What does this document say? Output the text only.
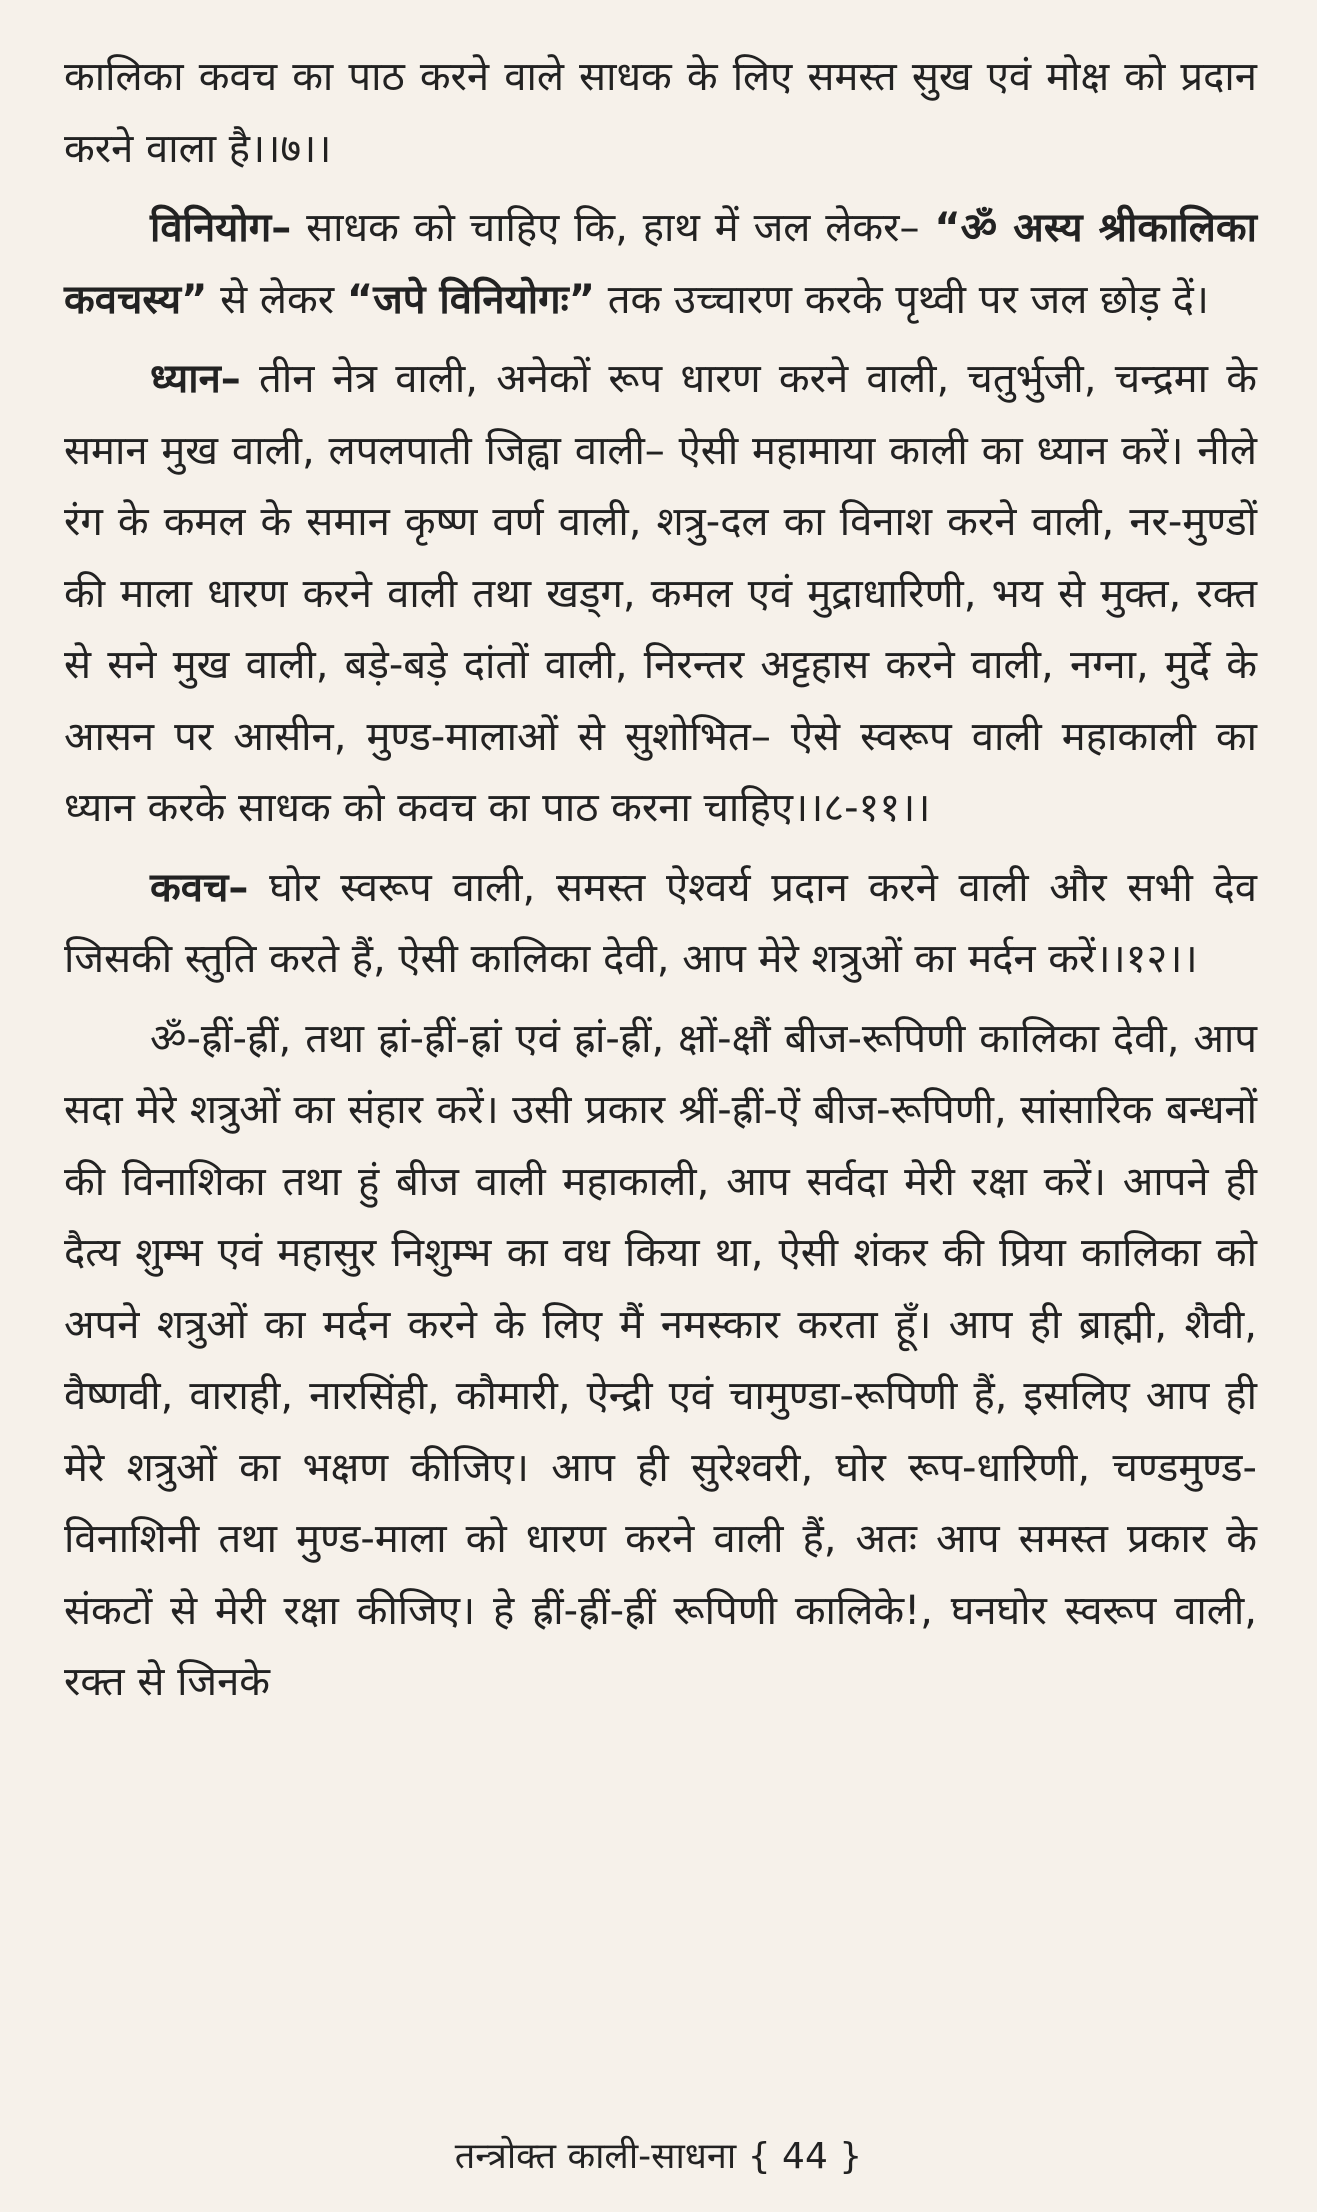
कालिका कवच का पाठ करने वाले साधक के लिए समस्त सुख एवं मोक्ष को प्रदान करने वाला है।।७।।

विनियोग– साधक को चाहिए कि, हाथ में जल लेकर– “ॐ अस्य श्रीकालिका कवचस्य” से लेकर “जपे विनियोगः” तक उच्चारण करके पृथ्वी पर जल छोड़ दें।

ध्यान– तीन नेत्र वाली, अनेकों रूप धारण करने वाली, चतुर्भुजी, चन्द्रमा के समान मुख वाली, लपलपाती जिह्वा वाली– ऐसी महामाया काली का ध्यान करें। नीले रंग के कमल के समान कृष्ण वर्ण वाली, शत्रु-दल का विनाश करने वाली, नर-मुण्डों की माला धारण करने वाली तथा खड्ग, कमल एवं मुद्राधारिणी, भय से मुक्त, रक्त से सने मुख वाली, बड़े-बड़े दांतों वाली, निरन्तर अट्टहास करने वाली, नग्ना, मुर्दे के आसन पर आसीन, मुण्ड-मालाओं से सुशोभित– ऐसे स्वरूप वाली महाकाली का ध्यान करके साधक को कवच का पाठ करना चाहिए।।८-११।।

कवच– घोर स्वरूप वाली, समस्त ऐश्वर्य प्रदान करने वाली और सभी देव जिसकी स्तुति करते हैं, ऐसी कालिका देवी, आप मेरे शत्रुओं का मर्दन करें।।१२।।

ॐ-ह्रीं-ह्रीं, तथा ह्रां-ह्रीं-ह्रां एवं ह्रां-ह्रीं, क्षों-क्षौं बीज-रूपिणी कालिका देवी, आप सदा मेरे शत्रुओं का संहार करें। उसी प्रकार श्रीं-ह्रीं-ऐं बीज-रूपिणी, सांसारिक बन्धनों की विनाशिका तथा हुं बीज वाली महाकाली, आप सर्वदा मेरी रक्षा करें। आपने ही दैत्य शुम्भ एवं महासुर निशुम्भ का वध किया था, ऐसी शंकर की प्रिया कालिका को अपने शत्रुओं का मर्दन करने के लिए मैं नमस्कार करता हूँ। आप ही ब्राह्मी, शैवी, वैष्णवी, वाराही, नारसिंही, कौमारी, ऐन्द्री एवं चामुण्डा-रूपिणी हैं, इसलिए आप ही मेरे शत्रुओं का भक्षण कीजिए। आप ही सुरेश्वरी, घोर रूप-धारिणी, चण्डमुण्ड-विनाशिनी तथा मुण्ड-माला को धारण करने वाली हैं, अतः आप समस्त प्रकार के संकटों से मेरी रक्षा कीजिए। हे ह्रीं-ह्रीं-ह्रीं रूपिणी कालिके!, घनघोर स्वरूप वाली, रक्त से जिनके

तन्त्रोक्त काली-साधना { 44 }
